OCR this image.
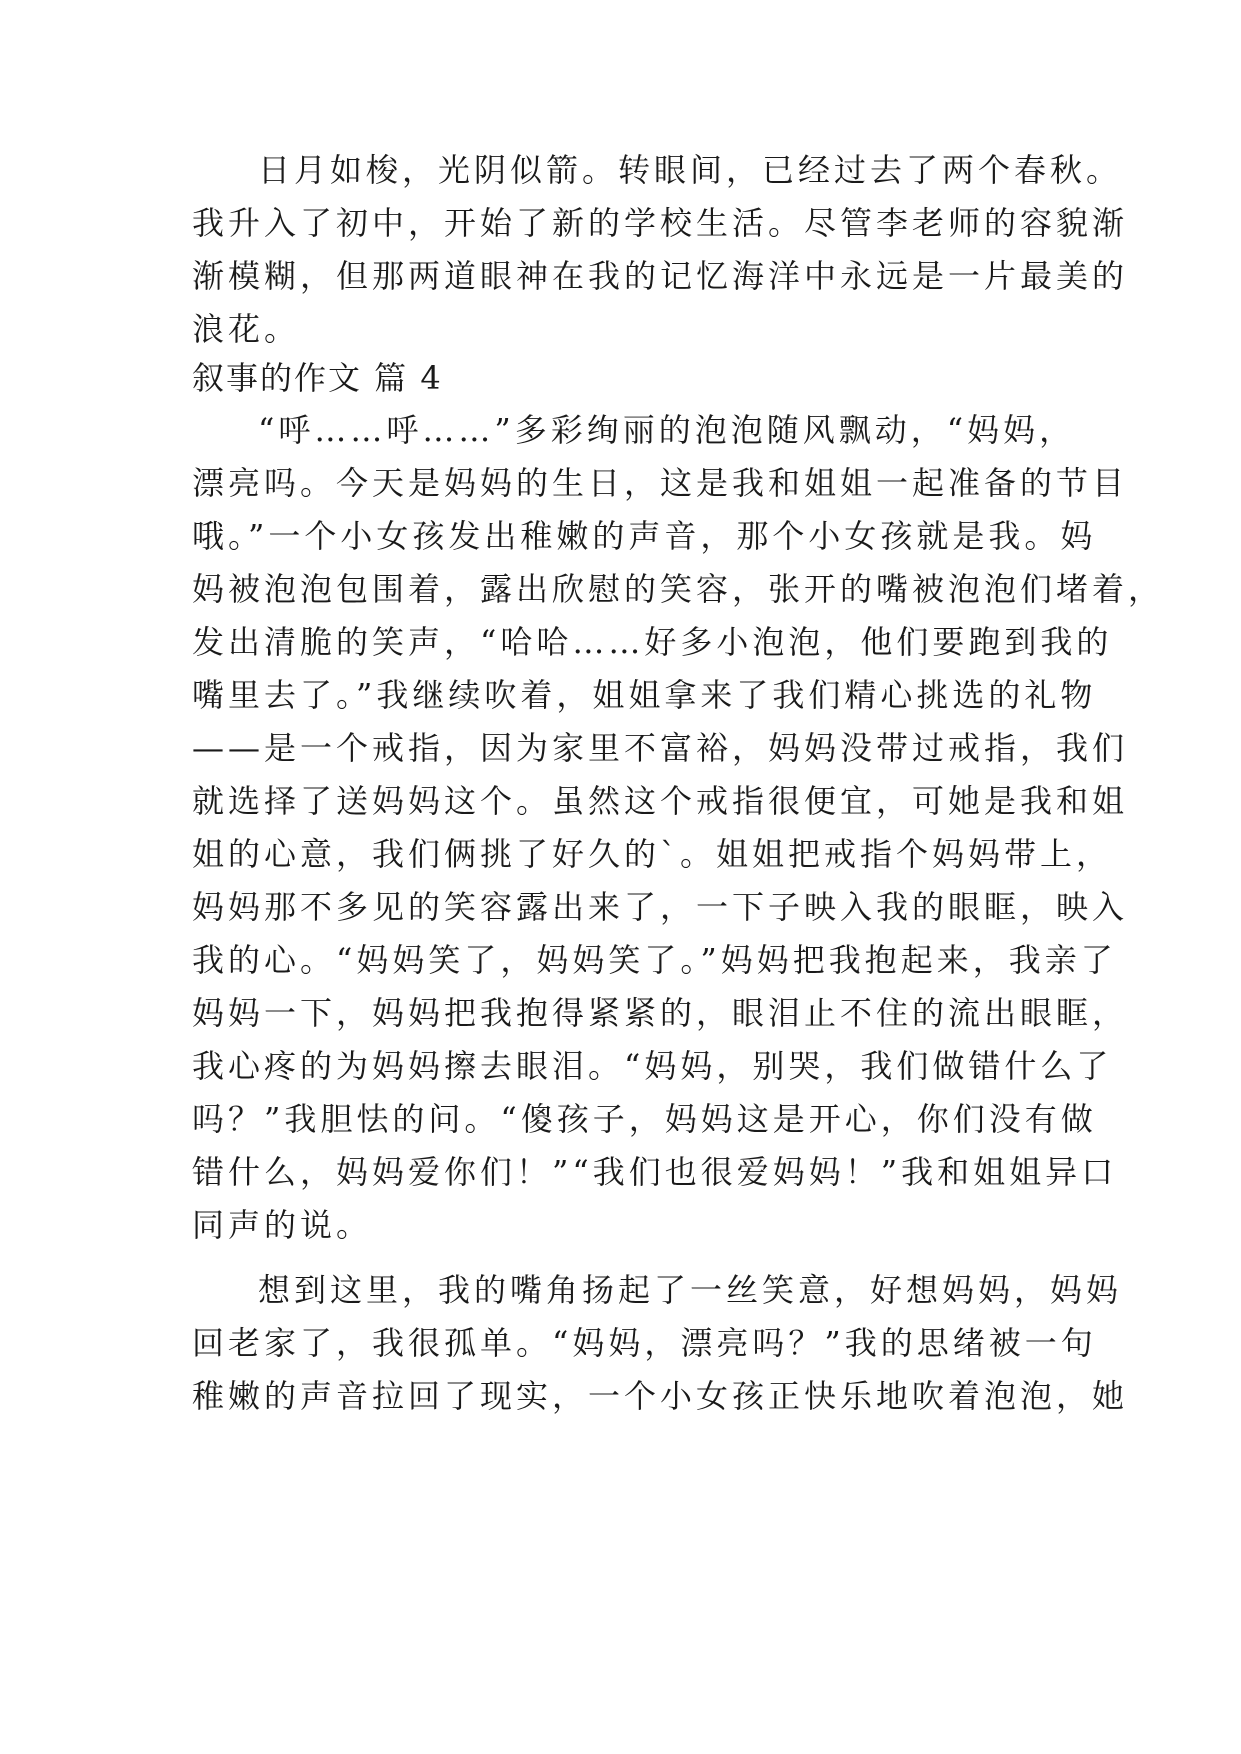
日月如梭，光阴似箭。转眼间，已经过去了两个春秋。
我升入了初中，开始了新的学校生活。尽管李老师的容貌渐
渐模糊，但那两道眼神在我的记忆海洋中永远是一片最美的
浪花。
叙事的作文 篇 4
“呼……呼……”多彩绚丽的泡泡随风飘动，“妈妈，
漂亮吗。今天是妈妈的生日，这是我和姐姐一起准备的节目
哦。”一个小女孩发出稚嫩的声音，那个小女孩就是我。妈
妈被泡泡包围着，露出欣慰的笑容，张开的嘴被泡泡们堵着，
发出清脆的笑声，“哈哈……好多小泡泡，他们要跑到我的
嘴里去了。”我继续吹着，姐姐拿来了我们精心挑选的礼物
——是一个戒指，因为家里不富裕，妈妈没带过戒指，我们
就选择了送妈妈这个。虽然这个戒指很便宜，可她是我和姐
姐的心意，我们俩挑了好久的`。姐姐把戒指个妈妈带上，
妈妈那不多见的笑容露出来了，一下子映入我的眼眶，映入
我的心。“妈妈笑了，妈妈笑了。”妈妈把我抱起来，我亲了
妈妈一下，妈妈把我抱得紧紧的，眼泪止不住的流出眼眶，
我心疼的为妈妈擦去眼泪。“妈妈，别哭，我们做错什么了
吗？”我胆怯的问。“傻孩子，妈妈这是开心，你们没有做
错什么，妈妈爱你们！”“我们也很爱妈妈！”我和姐姐异口
同声的说。
想到这里，我的嘴角扬起了一丝笑意，好想妈妈，妈妈
回老家了，我很孤单。“妈妈，漂亮吗？”我的思绪被一句
稚嫩的声音拉回了现实，一个小女孩正快乐地吹着泡泡，她
